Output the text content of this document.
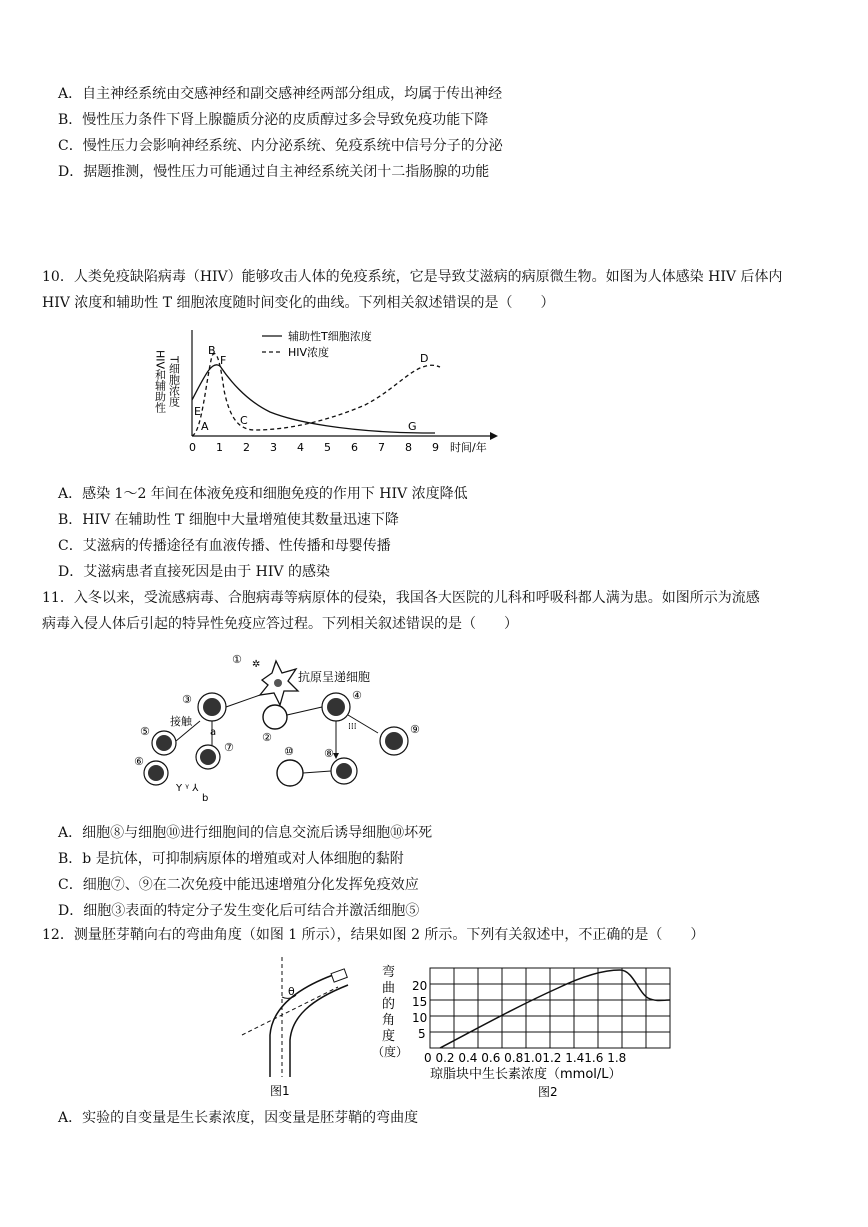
A．自主神经系统由交感神经和副交感神经两部分组成，均属于传出神经
B．慢性压力条件下肾上腺髓质分泌的皮质醇过多会导致免疫功能下降
C．慢性压力会影响神经系统、内分泌系统、免疫系统中信号分子的分泌
D．据题推测，慢性压力可能通过自主神经系统关闭十二指肠腺的功能
10．人类免疫缺陷病毒（HIV）能够攻击人体的免疫系统，它是导致艾滋病的病原微生物。如图为人体感染 HIV 后体内
HIV 浓度和辅助性 T 细胞浓度随时间变化的曲线。下列相关叙述错误的是（　　）
HIV和辅助性 T细胞浓度
辅助性T细胞浓度
HIV浓度
A
B
C
D
E
F
G
0 1 2 3 4 5 6 7 8 9 时间/年
A．感染 1～2 年间在体液免疫和细胞免疫的作用下 HIV 浓度降低
B．HIV 在辅助性 T 细胞中大量增殖使其数量迅速下降
C．艾滋病的传播途径有血液传播、性传播和母婴传播
D．艾滋病患者直接死因是由于 HIV 的感染
11．入冬以来，受流感病毒、合胞病毒等病原体的侵染，我国各大医院的儿科和呼吸科都人满为患。如图所示为流感
病毒入侵人体后引起的特异性免疫应答过程。下列相关叙述错误的是（　　）
①
抗原呈递细胞
✲
③
②
④
⁞⁞⁞	⑨
接触
a
⑤
⑦
⑥
Y ᵞ ⅄
b
⑩	⑧
A．细胞⑧与细胞⑩进行细胞间的信息交流后诱导细胞⑩坏死
B．b 是抗体，可抑制病原体的增殖或对人体细胞的黏附
C．细胞⑦、⑨在二次免疫中能迅速增殖分化发挥免疫效应
D．细胞③表面的特定分子发生变化后可结合并激活细胞⑤
12．测量胚芽鞘向右的弯曲角度（如图 1 所示），结果如图 2 所示。下列有关叙述中，不正确的是（　　）
θ
图1
弯
曲
的
角
度
（度）
20
15
10
5
0 0.2 0.4 0.6 0.81.01.2 1.41.6 1.8
琼脂块中生长素浓度（mmol/L）
图2
A．实验的自变量是生长素浓度，因变量是胚芽鞘的弯曲度
